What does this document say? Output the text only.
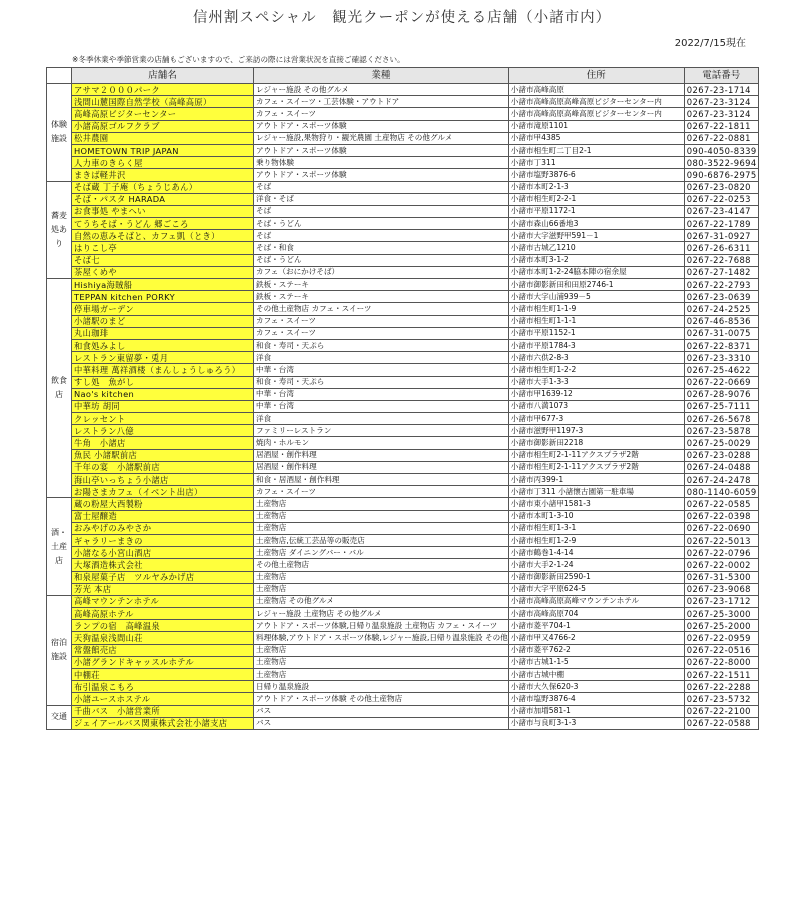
信州割スペシャル　観光クーポンが使える店舗（小諸市内）
2022/7/15現在
※冬季休業や季節営業の店舗もございますので、ご来訪の際には営業状況を直接ご確認ください。
	店舗名	業種	住所	電話番号
体験施設	アサマ２０００パーク	レジャー施設 その他グルメ	小諸市高峰高原	0267-23-1714
	浅間山麓国際自然学校（高峰高原）	カフェ・スイーツ・工芸体験・アウトドア	小諸市高峰高原高峰高原ビジターセンター内	0267-23-3124
	高峰高原ビジターセンター	カフェ・スイーツ	小諸市高峰高原高峰高原ビジターセンター内	0267-23-3124
	小諸高原ゴルフクラブ	アウトドア・スポーツ体験	小諸市滝原1101	0267-22-1811
	松井農園	レジャー施設,果物狩り・観光農園 土産物店 その他グルメ	小諸市甲4385	0267-22-0881
	HOMETOWN TRIP JAPAN	アウトドア・スポーツ体験	小諸市相生町二丁目2-1	090-4050-8339
	人力車のきらく屋	乗り物体験	小諸市丁311	080-3522-9694
	まきば軽井沢	アウトドア・スポーツ体験	小諸市塩野3876-6	090-6876-2975
蕎麦処あり	そば蔵 丁子庵（ちょうじあん）	そば	小諸市本町2-1-3	0267-23-0820
	そば・パスタ HARADA	洋食・そば	小諸市相生町2-2-1	0267-22-0253
	お食事処 やまへい	そば	小諸市平原1172-1	0267-23-4147
	てうちそば・うどん 郷ごころ	そば・うどん	小諸市森山66番地3	0267-22-1789
	自然の恵みそばと、カフェ凱（とき）	そば	小諸市大字滋野甲591－1	0267-31-0927
	はりこし亭	そば・和食	小諸市古城乙1210	0267-26-6311
	そば七	そば・うどん	小諸市本町3-1-2	0267-22-7688
	茶屋くめや	カフェ（おにかけそば）	小諸市本町1-2-24脇本陣の宿余屋	0267-27-1482
飲食店	Hishiya海賊船	鉄板・ステーキ	小諸市御影新田和田原2746-1	0267-22-2793
	TEPPAN kitchen PORKY	鉄板・ステーキ	小諸市大字山浦939－5	0267-23-0639
	停車場ガーデン	その他土産物店 カフェ・スイーツ	小諸市相生町1-1-9	0267-24-2525
	小諸駅のまど	カフェ・スイーツ	小諸市相生町1-1-1	0267-46-8536
	丸山珈琲	カフェ・スイーツ	小諸市平原1152-1	0267-31-0075
	和食処みよし	和食・寿司・天ぷら	小諸市平原1784-3	0267-22-8371
	レストラン東留夢・兎月	洋食	小諸市六供2-8-3	0267-23-3310
	中華料理 萬祥酒楼（まんしょうしゅろう）	中華・台湾	小諸市相生町1-2-2	0267-25-4622
	すし処　魚がし	和食・寿司・天ぷら	小諸市大手1-3-3	0267-22-0669
	Nao's kitchen	中華・台湾	小諸市甲1639-12	0267-28-9076
	中華坊 胡同	中華・台湾	小諸市八満1073	0267-25-7111
	クレッセント	洋食	小諸市甲677-3	0267-26-5678
	レストラン八億	ファミリーレストラン	小諸市滋野甲1197-3	0267-23-5878
	牛角　小諸店	焼肉・ホルモン	小諸市御影新田2218	0267-25-0029
	魚民 小諸駅前店	居酒屋・創作料理	小諸市相生町2-1-11アクスプラザ2階	0267-23-0288
	千年の宴　小諸駅前店	居酒屋・創作料理	小諸市相生町2-1-11アクスプラザ2階	0267-24-0488
	海山亭いっちょう小諸店	和食・居酒屋・創作料理	小諸市丙399-1	0267-24-2478
	お陽さまカフェ（イベント出店）	カフェ・スイーツ	小諸市丁311 小諸懐古園第一駐車場	080-1140-6059
酒・土産店	蔵の粉屋大西製粉	土産物店	小諸市東小諸甲1581-3	0267-22-0585
	富士屋醸造	土産物店	小諸市本町1-3-10	0267-22-0398
	おみやげのみやさか	土産物店	小諸市相生町1-3-1	0267-22-0690
	ギャラリーまきの	土産物店,伝統工芸品等の販売店	小諸市相生町1-2-9	0267-22-5013
	小諸なる小宮山酒店	土産物店 ダイニングバー・バル	小諸市鶴巻1-4-14	0267-22-0796
	大塚酒造株式会社	その他土産物店	小諸市大手2-1-24	0267-22-0002
	和泉屋菓子店　ツルヤみかげ店	土産物店	小諸市御影新田2590-1	0267-31-5300
	芳光 本店	土産物店	小諸市大字平原624-5	0267-23-9068
宿泊施設	高峰マウンテンホテル	土産物店 その他グルメ	小諸市高峰高原高峰マウンテンホテル	0267-23-1712
	高峰高原ホテル	レジャー施設 土産物店 その他グルメ	小諸市高峰高原704	0267-25-3000
	ランプの宿　高峰温泉	アウトドア・スポーツ体験,日帰り温泉施設 土産物店 カフェ・スイーツ	小諸市菱平704-1	0267-25-2000
	天狗温泉浅間山荘	料理体験,アウトドア・スポーツ体験,レジャー施設,日帰り温泉施設 その他	小諸市甲又4766-2	0267-22-0959
	常盤館売店	土産物店	小諸市菱平762-2	0267-22-0516
	小諸グランドキャッスルホテル	土産物店	小諸市古城1-1-5	0267-22-8000
	中棚荘	土産物店	小諸市古城中棚	0267-22-1511
	布引温泉こもろ	日帰り温泉施設	小諸市大久保620-3	0267-22-2288
	小諸ユースホステル	アウトドア・スポーツ体験 その他土産物店	小諸市塩野3876-4	0267-23-5732
交通	千曲バス　小諸営業所	バス	小諸市加増581-1	0267-22-2100
	ジェイアールバス関東株式会社小諸支店	バス	小諸市与良町3-1-3	0267-22-0588
